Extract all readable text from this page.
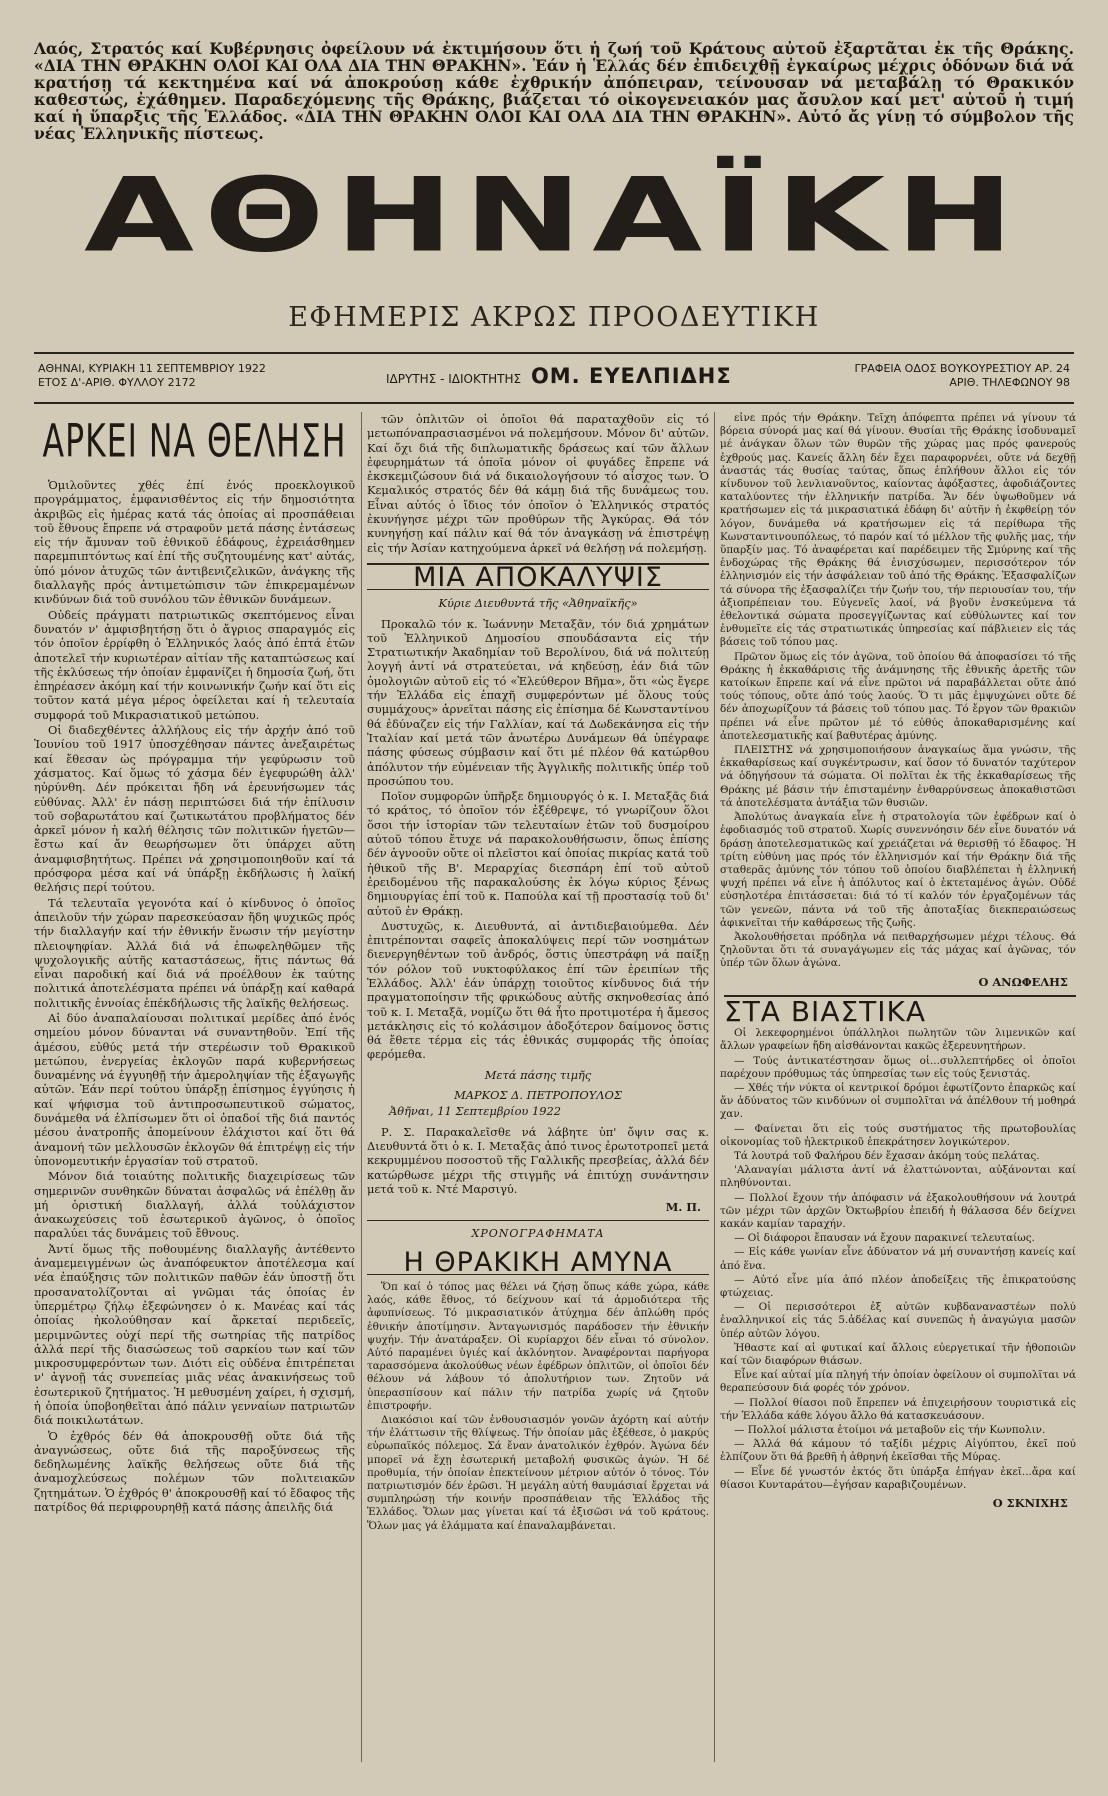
Λαός, Στρατός καί Κυβέρνησις ὀφείλουν νά ἐκτιμήσουν ὅτι ἡ ζωή τοῦ Κράτους αὐτοῦ ἐξαρτᾶται ἐκ τῆς Θράκης. «ΔΙΑ ΤΗΝ ΘΡΑΚΗΝ ΟΛΟΙ ΚΑΙ ΟΛΑ ΔΙΑ ΤΗΝ ΘΡΑΚΗΝ». Ἐάν ἡ Ἑλλάς δέν ἐπιδειχθῇ ἐγκαίρως μέχρις ὁδόνων διά νά κρατήσῃ τά κεκτημένα καί νά ἀποκρούσῃ κάθε ἐχθρικήν ἀπόπειραν, τείνουσαν νά μεταβάλῃ τό Θρακικόν καθεστώς, ἐχάθημεν. Παραδεχόμενης τῆς Θράκης, βιάζεται τό οἰκογενειακόν μας ἄσυλον καί μετ' αὐτοῦ ἡ τιμή καί ἡ ὕπαρξις τῆς Ἑλλάδος. «ΔΙΑ ΤΗΝ ΘΡΑΚΗΝ ΟΛΟΙ ΚΑΙ ΟΛΑ ΔΙΑ ΤΗΝ ΘΡΑΚΗΝ». Αὐτό ἄς γίνῃ τό σύμβολον τῆς νέας Ἑλληνικῆς πίστεως.
ΑΘΗΝΑΪΚΗ
ΕΦΗΜΕΡΙΣ ΑΚΡΩΣ ΠΡΟΟΔΕΥΤΙΚΗ
ΑΘΗΝΑΙ, ΚΥΡΙΑΚΗ 11 ΣΕΠΤΕΜΒΡΙΟΥ 1922
ΕΤΟΣ Δ'-ΑΡΙΘ. ΦΥΛΛΟΥ 2172	ΙΔΡΥΤΗΣ - ΙΔΙΟΚΤΗΤΗΣ ΟΜ. ΕΥΕΛΠΙΔΗΣ	ΓΡΑΦΕΙΑ ΟΔΟΣ ΒΟΥΚΟΥΡΕΣΤΙΟΥ ΑΡ. 24
ΑΡΙΘ. ΤΗΛΕΦΩΝΟΥ 98
ΑΡΚΕΙ ΝΑ ΘΕΛΗΣΗ

Ὁμιλοῦντες χθές ἐπί ἑνός προεκλογικοῦ προγράμματος, ἐμφανισθέντος εἰς τήν δημοσιότητα ἀκριβῶς εἰς ἡμέρας κατά τάς ὁποίας αἱ προσπάθειαι τοῦ ἔθνους ἔπρεπε νά στραφοῦν μετά πάσης ἐντάσεως εἰς τήν ἄμυναν τοῦ ἐθνικοῦ ἐδάφους, ἐχρειάσθημεν παρεμπιπτόντως καί ἐπί τῆς συζητουμένης κατ' αὐτάς, ὑπό μόνον ἀτυχῶς τῶν ἀντιβενιζελικῶν, ἀνάγκης τῆς διαλλαγῆς πρός ἀντιμετώπισιν τῶν ἐπικρεμαμένων κινδύνων διά τοῦ συνόλου τῶν ἐθνικῶν δυνάμεων.

Οὐδείς πράγματι πατριωτικῶς σκεπτόμενος εἶναι δυνατόν ν' ἀμφισβητήσῃ ὅτι ὁ ἄγριος σπαραγμός εἰς τόν ὁποῖον ἐρρίφθη ὁ Ἑλληνικός λαός ἀπό ἑπτά ἐτῶν ἀποτελεῖ τήν κυριωτέραν αἰτίαν τῆς καταπτώσεως καί τῆς ἐκλύσεως τήν ὁποίαν ἐμφανίζει ἡ δημοσία ζωή, ὅτι ἐπηρέασεν ἀκόμη καί τήν κοινωνικήν ζωήν καί ὅτι εἰς τοῦτον κατά μέγα μέρος ὀφείλεται καί ἡ τελευταία συμφορά τοῦ Μικρασιατικοῦ μετώπου.

Οἱ διαδεχθέντες ἀλλήλους εἰς τήν ἀρχήν ἀπό τοῦ Ἰουνίου τοῦ 1917 ὑποσχέθησαν πάντες ἀνεξαιρέτως καί ἔθεσαν ὡς πρόγραμμα τήν γεφύρωσιν τοῦ χάσματος. Καί ὅμως τό χάσμα δέν ἐγεφυρώθη ἀλλ' ηὐρύνθη. Δέν πρόκειται ἤδη νά ἐρευνήσωμεν τάς εὐθύνας. Ἀλλ' ἐν πάσῃ περιπτώσει διά τήν ἐπίλυσιν τοῦ σοβαρωτάτου καί ζωτικωτάτου προβλήματος δέν ἀρκεῖ μόνον ἡ καλή θέλησις τῶν πολιτικῶν ἡγετῶν—ἔστω καί ἄν θεωρήσωμεν ὅτι ὑπάρχει αὕτη ἀναμφισβητήτως. Πρέπει νά χρησιμοποιηθοῦν καί τά πρόσφορα μέσα καί νά ὑπάρξῃ ἐκδήλωσις ἡ λαϊκή θελήσις περί τούτου.

Τά τελευταῖα γεγονότα καί ὁ κίνδυνος ὁ ὁποῖος ἀπειλοῦν τήν χώραν παρεσκεύασαν ἤδη ψυχικῶς πρός τήν διαλλαγήν καί τήν ἐθνικήν ἕνωσιν τήν μεγίστην πλειοψηφίαν. Ἀλλά διά νά ἐπωφεληθῶμεν τῆς ψυχολογικῆς αὐτῆς καταστάσεως, ἥτις πάντως θά εἶναι παροδική καί διά νά προέλθουν ἐκ ταύτης πολιτικά ἀποτελέσματα πρέπει νά ὑπάρξῃ καί καθαρά πολιτικῆς ἐννοίας ἐπέκδήλωσις τῆς λαϊκῆς θελήσεως.

Αἱ δύο ἀναπαλαίουσαι πολιτικαί μερίδες ἀπό ἑνός σημείου μόνον δύνανται νά συναντηθοῦν. Ἐπί τῆς ἀμέσου, εὐθύς μετά τήν στερέωσιν τοῦ Θρακικοῦ μετώπου, ἐνεργείας ἐκλογῶν παρά κυβερνήσεως δυναμένης νά ἐγγυηθῇ τήν ἀμεροληψίαν τῆς ἐξαγωγῆς αὐτῶν. Ἐάν περί τούτου ὑπάρξῃ ἐπίσημος ἐγγύησις ἡ καί ψήφισμα τοῦ ἀντιπροσωπευτικοῦ σώματος, δυνάμεθα νά ἐλπίσωμεν ὅτι οἱ ὁπαδοί τῆς διά παντός μέσου ἀνατροπῆς ἀπομείνουν ἐλάχιστοι καί ὅτι θά ἀναμονή τῶν μελλουσῶν ἐκλογῶν θά ἐπιτρέψῃ εἰς τήν ὑπονομευτικήν ἐργασίαν τοῦ στρατοῦ.

Μόνον διά τοιαύτης πολιτικῆς διαχειρίσεως τῶν σημερινῶν συνθηκῶν δύναται ἀσφαλῶς νά ἐπέλθῃ ἄν μή ὁριστική διαλλαγή, ἀλλά τοὐλάχιστον ἀνακωχεύσεις τοῦ ἐσωτερικοῦ ἀγῶνος, ὁ ὁποῖος παραλύει τάς δυνάμεις τοῦ ἔθνους.

Ἀντί ὅμως τῆς ποθουμένης διαλλαγῆς ἀντέθεντο ἀναμεμειγμένων ὡς ἀναπόφευκτον ἀποτέλεσμα καί νέα ἐπαύξησις τῶν πολιτικῶν παθῶν ἐάν ὑποστῇ ὅτι προσανατολίζονται αἱ γνῶμαι τάς ὁποίας ἐν ὑπερμέτρῳ ζήλῳ ἐξεφώνησεν ὁ κ. Μανέας καί τάς ὁποίας ἠκολούθησαν καί ἄρκεταί περιδεεῖς, μεριμνῶντες οὐχί περί τῆς σωτηρίας τῆς πατρίδος ἀλλά περί τῆς διασώσεως τοῦ σαρκίου των καί τῶν μικροσυμφερόντων των. Διότι εἰς οὐδένα ἐπιτρέπεται ν' ἀγνοῇ τάς συνεπείας μιᾶς νέας ἀνακινήσεως τοῦ ἐσωτερικοῦ ζητήματος. Ἡ μεθυσμένη χαίρει, ἡ σχισμή, ἡ ὁποία ὑποβοηθεῖται ἀπό πάλιν γενναίων πατριωτῶν διά ποικιλωτάτων.

Ὁ ἐχθρός δέν θά ἀποκρουσθῇ οὔτε διά τῆς ἀναγνώσεως, οὔτε διά τῆς παροξύνσεως τῆς δεδηλωμένης λαϊκῆς θελήσεως οὔτε διά τῆς ἀναμοχλεύσεως πολέμων τῶν πολιτειακῶν ζητημάτων. Ὁ ἐχθρός θ' ἀποκρουσθῇ καί τό ἔδαφος τῆς πατρίδος θά περιφρουρηθῇ κατά πάσης ἀπειλῆς διά

τῶν ὁπλιτῶν οἱ ὁποῖοι θά παραταχθοῦν εἰς τό μετωπόναπρασιασμένοι νά πολεμήσουν. Μόνον δι' αὐτῶν. Καί ὄχι διά τῆς διπλωματικῆς δράσεως καί τῶν ἄλλων ἐφευρημάτων τά ὁποῖα μόνον οἱ φυγάδες ἔπρεπε νά ἐκσκεμιζώσουν διά νά δικαιολογήσουν τό αἶσχος των. Ὁ Κεμαλικός στρατός δέν θά κάμῃ διά τῆς δυνάμεως του. Εἶναι αὐτός ὁ ἴδιος τόν ὁποῖον ὁ Ἑλληνικός στρατός ἐκυνήγησε μέχρι τῶν προθύρων τῆς Ἀγκύρας. Θά τόν κυνηγήσῃ καί πάλιν καί θά τόν ἀναγκάσῃ νά ἐπιστρέψῃ εἰς τήν Ἀσίαν κατηχούμενα ἀρκεῖ νά θελήσῃ νά πολεμήσῃ.

ΜΙΑ ΑΠΟΚΑΛΥΨΙΣ
Κύριε Διευθυντά τῆς «Ἀθηναϊκῆς»

Προκαλῶ τόν κ. Ἰωάννην Μεταξᾶν, τόν διά χρημάτων τοῦ Ἑλληνικοῦ Δημοσίου σπουδάσαντα εἰς τήν Στρατιωτικήν Ἀκαδημίαν τοῦ Βερολίνου, διά νά πολιτεύῃ λογγή ἀντί νά στρατεύεται, νά κηδεύσῃ, ἐάν διά τῶν ὁμολογιῶν αὐτοῦ εἰς τό «Ἐλεύθερον Βῆμα», ὅτι «ὡς ἔγερε τήν Ἑλλάδα εἰς ἐπαχῆ συμφερόντων μέ ὅλους τούς συμμάχους» ἀρνεῖται πάσης εἰς ἐπίσημα δέ Κωνσταντίνου θά ἐδύναζεν εἰς τήν Γαλλίαν, καί τά Δωδεκάνησα εἰς τήν Ἰταλίαν καί μετά τῶν ἀνωτέρω Δυνάμεων θά ὑπέγραφε πάσης φύσεως σύμβασιν καί ὅτι μέ πλέον θά κατώρθου ἀπόλυτον τήν εὐμένειαν τῆς Ἀγγλικῆς πολιτικῆς ὑπέρ τοῦ προσώπου του.

Ποῖον συμφορῶν ὑπῆρξε δημιουργός ὁ κ. Ι. Μεταξᾶς διά τό κράτος, τό ὁποῖον τόν ἐξέθρεψε, τό γνωρίζουν ὅλοι ὅσοι τήν ἱστορίαν τῶν τελευταίων ἐτῶν τοῦ δυσμοίρου αὐτοῦ τόπου ἔτυχε νά παρακολουθήσωσιν, ὅπως ἐπίσης δέν ἀγνοοῦν οὔτε οἱ πλεῖστοι καί ὁποίας πικρίας κατά τοῦ ἡθικοῦ τῆς Β'. Μεραρχίας διεσπάρη ἐπί τοῦ αὐτοῦ ἐρειδομένου τῆς παρακαλούσης ἐκ λόγω κύριος ξένως δημιουργίας ἐπί τοῦ κ. Παπούλα καί τῇ προστασίᾳ τοῦ δι' αὐτοῦ ἐν Θράκῃ.

Δυστυχῶς, κ. Διευθυντά, αἱ ἀντιδιεβαιούμεθα. Δέν ἐπιτρέπονται σαφεῖς ἀποκαλύψεις περί τῶν νοσημάτων διενεργηθέντων τοῦ ἀνδρός, ὅστις ὑπεστράφη νά παίξῃ τόν ρόλον τοῦ νυκτοφύλακος ἐπί τῶν ἐρειπίων τῆς Ἑλλάδος. Ἀλλ' ἐάν ὑπάρχῃ τοιοῦτος κίνδυνος διά τήν πραγματοποίησιν τῆς φρικώδους αὐτῆς σκηνοθεσίας ἀπό τοῦ κ. Ι. Μεταξᾶ, νομίζω ὅτι θά ἦτο προτιμοτέρα ἡ ἄμεσος μετάκλησις εἰς τό κολάσιμον ἀδοξότερον δαίμονος ὅστις θά ἔθετε τέρμα εἰς τάς ἐθνικάς συμφοράς τῆς ὁποίας φερόμεθα.

Μετά πάσης τιμῆς
ΜΑΡΚΟΣ Δ. ΠΕΤΡΟΠΟΥΛΟΣ
Ἀθῆναι, 11 Σεπτεμβρίου 1922

Ρ. Σ. Παρακαλεῖσθε νά λάβητε ὑπ' ὄψιν σας κ. Διευθυντά ὅτι ὁ κ. Ι. Μεταξᾶς ἀπό τινος ἐρωτοτροπεῖ μετά κεκρυμμένου ποσοστοῦ τῆς Γαλλικῆς πρεσβείας, ἀλλά δέν κατώρθωσε μέχρι τῆς στιγμῆς νά ἐπιτύχῃ συνάντησιν μετά τοῦ κ. Ντέ Μαρσιγύ.

Μ. Π.
ΧΡΟΝΟΓΡΑΦΗΜΑΤΑ
Η ΘΡΑΚΙΚΗ ΑΜΥΝΑ

Ὅπ καί ὁ τόπος μας θέλει νά ζήσῃ ὅπως κάθε χώρα, κάθε λαός, κάθε ἔθνος, τό δείχνουν καί τά ἀρμοδιότερα τῆς ἀφυπνίσεως. Τό μικρασιατικόν ἀτύχημα δέν ἀπλώθη πρός ἐθνικήν ἀποτίμησιν. Ἀνταγωνισμός παράδοσεν τήν ἐθνικήν ψυχήν. Τήν ἀνατάραξεν. Οἱ κυρίαρχοι δέν εἶναι τό σύνολον. Αὐτό παραμένει ὑγιές καί ἀκλόνητον. Ἀναφέρονται παρήγορα ταρασσόμενα ἀκολούθως νέων ἐφέδρων ὁπλιτῶν, οἱ ὁποῖοι δέν θέλουν νά λάβουν τό ἀπολυτήριον των. Ζητοῦν νά ὑπερασπίσουν καί πάλιν τήν πατρίδα χωρίς νά ζητοῦν ἐπιστροφήν.

Διακόσιοι καί τῶν ἐνθουσιασμόν γονῶν ἀχόρτη καί αὐτήν τήν ἐλάττωσιν τῆς θλίψεως. Τήν ὁποίαν μᾶς ἐξέθεσε, ὁ μακρύς εὐρωπαϊκός πόλεμος. Σά ἔναν ἀνατολικόν ἐχθρόν. Ἀγώνα δέν μπορεῖ νά ἔχῃ ἐσωτερική μεταβολή φυσικῶς ἀγών. Ἡ δέ προθυμία, τήν ὁποίαν ἐπεκτείνουν μέτριον αὐτόν ὁ τόνος. Τόν πατριωτισμόν δέν ἐρῶσι. Ἡ μεγάλη αὐτή θαυμάσιαί ἔρχεται νά συμπληρώσῃ τήν κοινήν προσπάθειαν τῆς Ἑλλάδος τῆς Ἑλλάδος. Ὅλων μας γίνεται καί τά ἐξισῶσι νά τοῦ κράτους. Ὅλων μας γά ἐλάμματα καί ἐπαναλαμβάνεται.

εἶνε πρός τήν Θράκην. Τεῖχη ἀπόφεπτα πρέπει νά γίνουν τά βόρεια σύνορά μας καί θά γίνουν. Θυσίαι τῆς Θράκης ἰσοδυναμεῖ μέ ἀνάγκαν ὅλων τῶν θυρῶν τῆς χώρας μας πρός φανερούς ἐχθρούς μας. Κανείς ἄλλη δέν ἔχει παραφορνέει, οὔτε νά δεχθῇ ἀναστάς τάς θυσίας ταύτας, ὅπως ἐπλήθουν ἄλλοι εἰς τόν κίνδυνον τοῦ λενλιανοῦντος, καίοντας ἀφόξαστες, ἀφοδιάζοντες καταλύοντες τήν ἐλληνικήν πατρίδα. Ἄν δέν ὑψωθοῦμεν νά κρατήσωμεν εἰς τά μικρασιατικά ἐδάφη δι' αὐτῆν ἡ ἐκφθείρῃ τόν λόγον, δυνάμεθα νά κρατήσωμεν εἰς τά περίθωρα τῆς Κωνσταντινουπόλεως, τό παρόν καί τό μέλλον τῆς φυλῆς μας, τήν ὕπαρξίν μας. Τό ἀναφέρεται καί παρέδειμεν τῆς Σμύρνης καί τῆς ἐνδοχώρας τῆς Θράκης θά ἐνισχύσωμεν, περισσότερον τόν ἑλληνισμόν εἰς τήν ἀσφάλειαν τοῦ ἀπό τῆς Θράκης. Ἐξασφαλίζων τά σύνορα τῆς ἐξασφαλίζει τήν ζωήν του, τήν περιουσίαν του, τήν ἀξιοπρέπειαν του. Εὐγενεῖς λαοί, νά βγοῦν ἐνσκεύμενα τά ἐθελοντικά σώματα προσεγγίζωντας καί εὐθύλωντες καί τον ἐνθυμεῖτε εἰς τάς στρατιωτικάς ὑπηρεσίας καί πάβλιειεν εἰς τάς βάσεις τοῦ τόπου μας.

Πρῶτον ὅμως εἰς τόν ἀγῶνα, τοῦ ὁποίου θά ἀποφασίσει τό τῆς Θράκης ἡ ἐκκαθάρισις τῆς ἀνάμνησης τῆς ἐθνικῆς ἀρετῆς τῶν κατοίκων ἔπρεπε καί νά εἶνε πρῶτοι νά παραβάλλεται οὔτε ἀπό τούς τόπους, οὔτε ἀπό τούς λαούς. Ὅ τι μᾶς ἐμψυχώνει οὔτε δέ δέν ἀποχωρίζουν τά βάσεις τοῦ τόπου μας. Τό ἔργον τῶν θρακιῶν πρέπει νά εἶνε πρῶτον μέ τό εὐθύς ἀποκαθαρισμένης καί ἀποτελεσματικῆς καί βαθυτέρας ἀμύνης.

ΠΛΕΙΣΤΗΣ νά χρησιμοποιήσουν ἀναγκαίως ἅμα γνώσιν, τῆς ἐκκαθαρίσεως καί συγκέντρωσιν, καί ὅσον τό δυνατόν ταχύτερον νά ὁδηγήσουν τά σώματα. Οἱ πολῖται ἐκ τῆς ἐκκαθαρίσεως τῆς Θράκης μέ βάσιν τήν ἐπισταμένην ἐνθαρρύνσεως ἀποκαθιστῶσι τά ἀποτελέσματα ἀντάξια τῶν θυσιῶν.

Ἀπολύτως ἀναγκαία εἶνε ἡ στρατολογία τῶν ἐφέδρων καί ὁ ἐφοδιασμός τοῦ στρατοῦ. Χωρίς συνεννόησιν δέν εἶνε δυνατόν νά δράσῃ ἀποτελεσματικῶς καί χρειάζεται νά θερισθῇ τό ἔδαφος. Ἡ τρίτη εὐθύνη μας πρός τόν ἑλληνισμόν καί τήν Θράκην διά τῆς σταθερᾶς ἀμύνης τόν τόπου τοῦ ὁποίου διαβλέπεται ἡ ἑλληνική ψυχή πρέπει νά εἶνε ἡ ἀπόλυτος καί ὁ ἐκτεταμένος ἀγών. Οὐδέ εὐσηλοτέρα ἐπιτάσσεται: διά τό τί καλόν τόν ἐργαζομένων τάς τῶν γενεῶν, πάντα νά τοῦ τῆς ἀποταξίας διεκπεραιώσεως ἀφικνεῖται τήν καθάρσεως τῆς ζωῆς.

Ἀκολουθήσεται πρόδηλα νά πειθαρχήσωμεν μέχρι τέλους. Θά ζηλοῦνται ὅτι τά συναγάγωμεν εἰς τάς μάχας καί ἀγῶνας, τόν ὑπέρ τῶν ὅλων ἀγώνα.

Ο ΑΝΩΦΕΛΗΣ
ΣΤΑ ΒΙΑΣΤΙΚΑ

Οἱ λεκεφορημένοι ὑπάλληλοι πωλητῶν τῶν λιμενικῶν καί ἄλλων γραφείων ἤδη αἰσθάνονται κακῶς ἐξερευνητήρων.

— Τούς ἀντικατέστησαν ὅμως οἱ...συλλεπτήρδες οἱ ὁποῖοι παρέχουν πρόθυμως τάς ὑπηρεσίας των εἰς τούς ξενιστάς.

— Χθές τήν νύκτα οἱ κεντρικοί δρόμοι ἐφωτίζοντο ἐπαρκῶς καί ἄν ἀδύνατος τῶν κινδύνων οἱ συμπολῖται νά ἀπέλθουν τή μοθηρά χαν.

— Φαίνεται ὅτι εἰς τούς συστήματος τῆς πρωτοβουλίας οἰκονομίας τοῦ ἠλεκτρικοῦ ἐπεκράτησεν λογικώτερον.

Τά λουτρά τοῦ Φαλήρου δέν ἔχασαν ἀκόμη τούς πελάτας.

'Αλαναγίαι μάλιστα ἀντί νά ἐλαττώνονται, αὐξάνονται καί πληθύνονται.

— Πολλοί ἔχουν τήν ἀπόφασιν νά ἐξακολουθήσουν νά λουτρά τῶν μέχρι τῶν ἀρχῶν Ὀκτωβρίου ἐπειδή ἡ θάλασσα δέν δείχνει κακάν καμίαν ταραχήν.

— Οἱ διάφοροι ἔπαυσαν νά ἔχουν παρακινεί τελευταίως.

— Εἰς κάθε γωνίαν εἶνε ἀδύνατον νά μή συναντήσῃ κανείς καί ἀπό ἕνα.

— Αὐτό εἶνε μία ἀπό πλέον ἀποδείξεις τῆς ἐπικρατούσης φτώχειας.

— Οἱ περισσότεροι ἐξ αὐτῶν κυβδαναναστέων πολύ ἐναλληνικοί εἰς τάς 5.ἀδέλας καί συνεπῶς ἡ ἀναγώγια μασῶν ὑπέρ αὐτῶν λόγου.

Ἠθαστε καί αἱ φυτικαί καί ἄλλοις εὐεργετικαί τῆν ἠθοποιῶν καί τῶν διαφόρων θιάσων.

Εἶνε καί αὐταί μία πληγή τήν ὁποίαν ὀφείλουν οἱ συμπολῖται νά θεραπεύσουν διά φορές τόν χρόνον.

— Πολλοί θίασοι ποῦ ἔπρεπεν νά ἐπιχειρήσουν τουριστικά εἰς τήν Ἑλλάδα κάθε λόγου ἄλλο θά κατασκευάσουν.

— Πολλοί μάλιστα ἑτοίμοι νά μεταβοῦν εἰς τήν Κωνπολιν.

— Ἀλλά θά κάμουν τό ταξίδι μέχρις Αἰγύπτου, ἐκεῖ πού ἐλπίζουν ὅτι θά βρεθῆ ἡ ἀθρηνή ἐκεῖσθαι τῆς Μύρας.

— Εἶνε δέ γνωστόν ἐκτός ὅτι ὑπάρξα ἐπήγαν ἐκεῖ...ἄρα καί θίασοι Κυνταράτου—ἐγήσαν καραβιζουμένων.

Ο ΣΚΝΙΧΗΣ
